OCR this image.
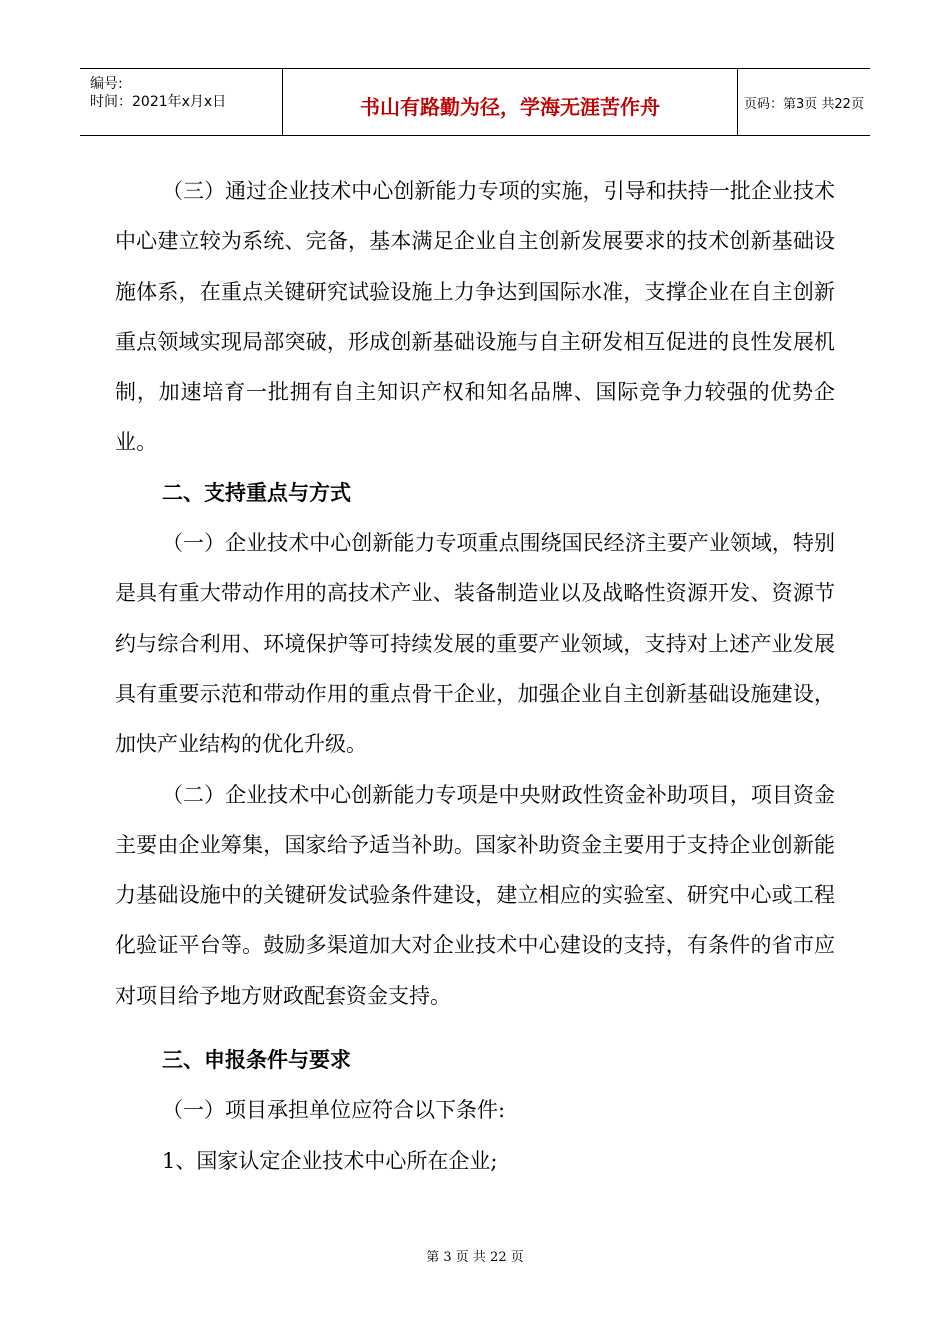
编号:
时间：2021年x月x日	书山有路勤为径，学海无涯苦作舟	页码：第3页 共22页

（三）通过企业技术中心创新能力专项的实施，引导和扶持一批企业技术中心建立较为系统、完备，基本满足企业自主创新发展要求的技术创新基础设施体系，在重点关键研究试验设施上力争达到国际水准，支撑企业在自主创新重点领域实现局部突破，形成创新基础设施与自主研发相互促进的良性发展机制，加速培育一批拥有自主知识产权和知名品牌、国际竞争力较强的优势企业。

二、支持重点与方式

（一）企业技术中心创新能力专项重点围绕国民经济主要产业领域，特别是具有重大带动作用的高技术产业、装备制造业以及战略性资源开发、资源节约与综合利用、环境保护等可持续发展的重要产业领域，支持对上述产业发展具有重要示范和带动作用的重点骨干企业，加强企业自主创新基础设施建设，加快产业结构的优化升级。

（二）企业技术中心创新能力专项是中央财政性资金补助项目，项目资金主要由企业筹集，国家给予适当补助。国家补助资金主要用于支持企业创新能力基础设施中的关键研发试验条件建设，建立相应的实验室、研究中心或工程化验证平台等。鼓励多渠道加大对企业技术中心建设的支持，有条件的省市应对项目给予地方财政配套资金支持。

三、申报条件与要求

（一）项目承担单位应符合以下条件:

1、国家认定企业技术中心所在企业;

第 3 页 共 22 页
